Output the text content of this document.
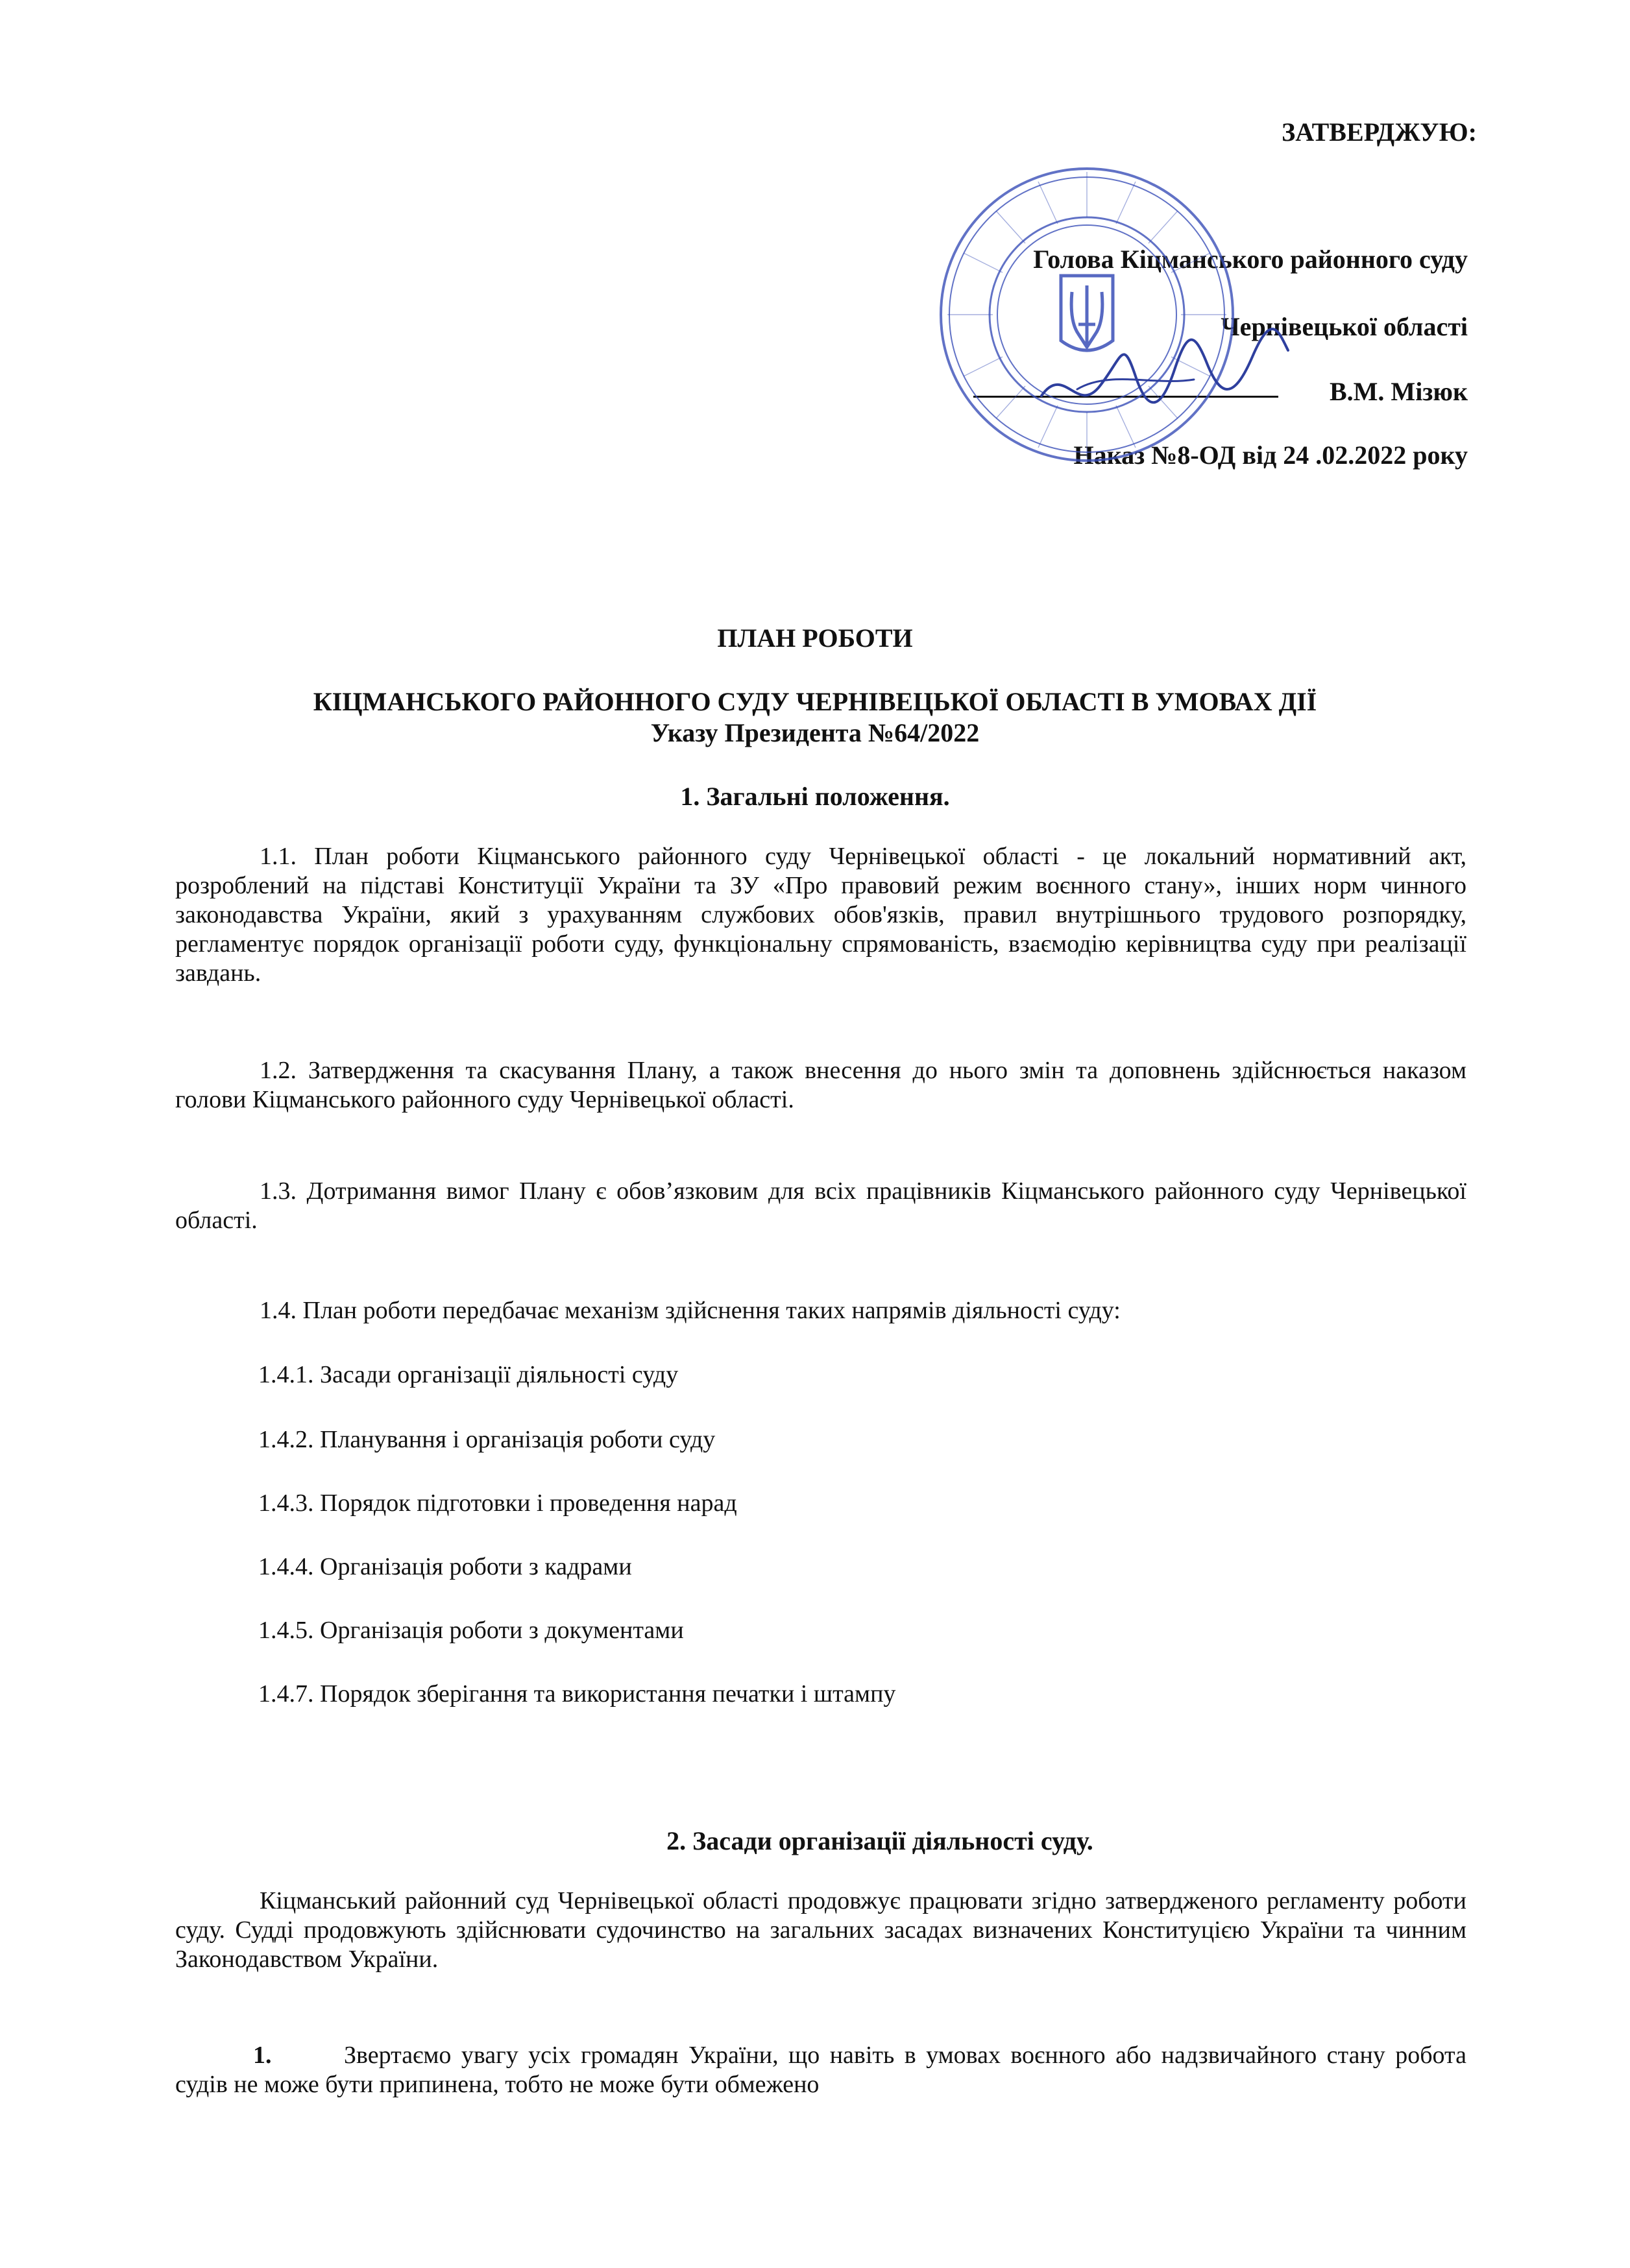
ЗАТВЕРДЖУЮ:

Голова Кіцманського районного суду

Чернівецької області

В.М. Мізюк

Наказ №8-ОД від 24 .02.2022 року

ПЛАН РОБОТИ

КІЦМАНСЬКОГО РАЙОННОГО СУДУ ЧЕРНІВЕЦЬКОЇ ОБЛАСТІ В УМОВАХ ДІЇ

Указу Президента №64/2022

1. Загальні положення.

1.1. План роботи Кіцманського районного суду Чернівецької області - це локальний нормативний акт, розроблений на підставі Конституції України та ЗУ «Про правовий режим воєнного стану», інших норм чинного законодавства України, який з урахуванням службових обов'язків, правил внутрішнього трудового розпорядку, регламентує порядок організації роботи суду, функціональну спрямованість, взаємодію керівництва суду при реалізації завдань.

1.2. Затвердження та скасування Плану, а також внесення до нього змін та доповнень здійснюється наказом голови Кіцманського районного суду Чернівецької області.

1.3. Дотримання вимог Плану є обов’язковим для всіх працівників Кіцманського районного суду Чернівецької області.

1.4. План роботи передбачає механізм здійснення таких напрямів діяльності суду:

1.4.1. Засади організації діяльності суду

1.4.2. Планування і організація роботи суду

1.4.3. Порядок підготовки і проведення нарад

1.4.4. Організація роботи з кадрами

1.4.5. Організація роботи з документами

1.4.7. Порядок зберігання та використання печатки і штампу

2. Засади організації діяльності суду.

Кіцманський районний суд Чернівецької області продовжує працювати згідно затвердженого регламенту роботи суду. Судді продовжують здійснювати судочинство на загальних засадах визначених Конституцією України та чинним Законодавством України.

1.	Звертаємо увагу усіх громадян України, що навіть в умовах воєнного або надзвичайного стану робота судів не може бути припинена, тобто не може бути обмежено
